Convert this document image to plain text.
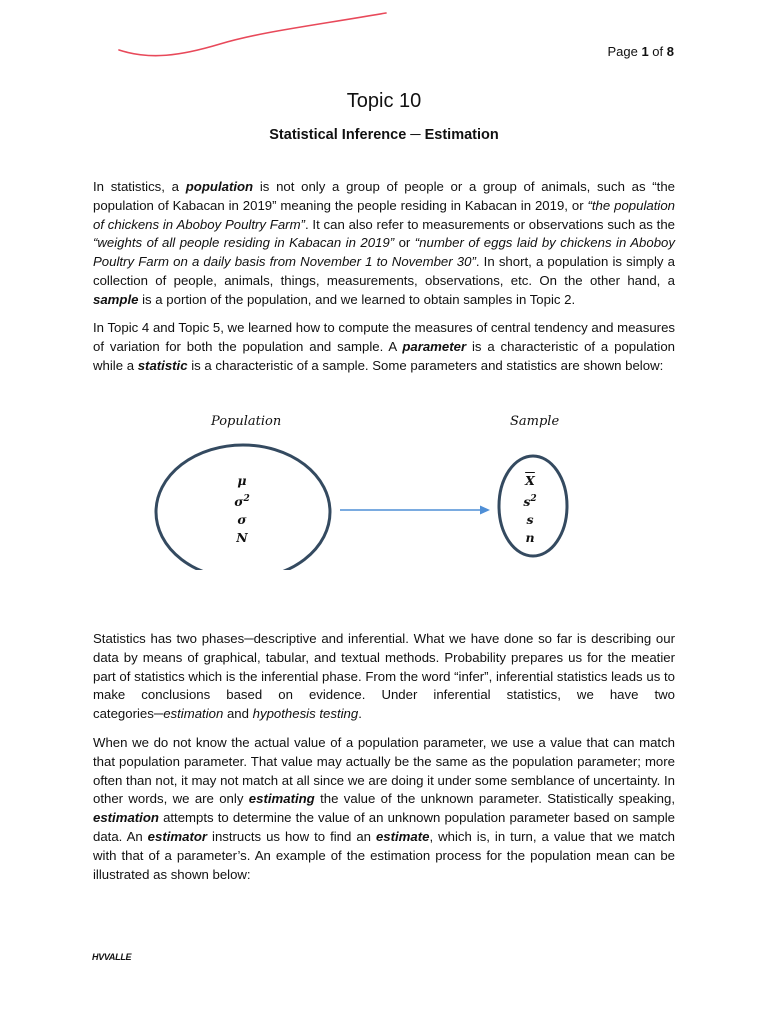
Page 1 of 8
Topic 10
Statistical Inference ─ Estimation
In statistics, a population is not only a group of people or a group of animals, such as “the population of Kabacan in 2019” meaning the people residing in Kabacan in 2019, or “the population of chickens in Aboboy Poultry Farm”. It can also refer to measurements or observations such as the “weights of all people residing in Kabacan in 2019” or “number of eggs laid by chickens in Aboboy Poultry Farm on a daily basis from November 1 to November 30”. In short, a population is simply a collection of people, animals, things, measurements, observations, etc. On the other hand, a sample is a portion of the population, and we learned to obtain samples in Topic 2.
In Topic 4 and Topic 5, we learned how to compute the measures of central tendency and measures of variation for both the population and sample. A parameter is a characteristic of a population while a statistic is a characteristic of a sample. Some parameters and statistics are shown below:
Population	Sample
μ
$\sigma^2$
σ
N
$\overline{X}$
$s^2$
s
n
Statistics has two phases─descriptive and inferential. What we have done so far is describing our data by means of graphical, tabular, and textual methods. Probability prepares us for the meatier part of statistics which is the inferential phase. From the word “infer”, inferential statistics leads us to make conclusions based on evidence. Under inferential statistics, we have two categories─estimation and hypothesis testing.
When we do not know the actual value of a population parameter, we use a value that can match that population parameter. That value may actually be the same as the population parameter; more often than not, it may not match at all since we are doing it under some semblance of uncertainty. In other words, we are only estimating the value of the unknown parameter. Statistically speaking, estimation attempts to determine the value of an unknown population parameter based on sample data. An estimator instructs us how to find an estimate, which is, in turn, a value that we match with that of a parameter’s. An example of the estimation process for the population mean can be illustrated as shown below:
HVVALLE
